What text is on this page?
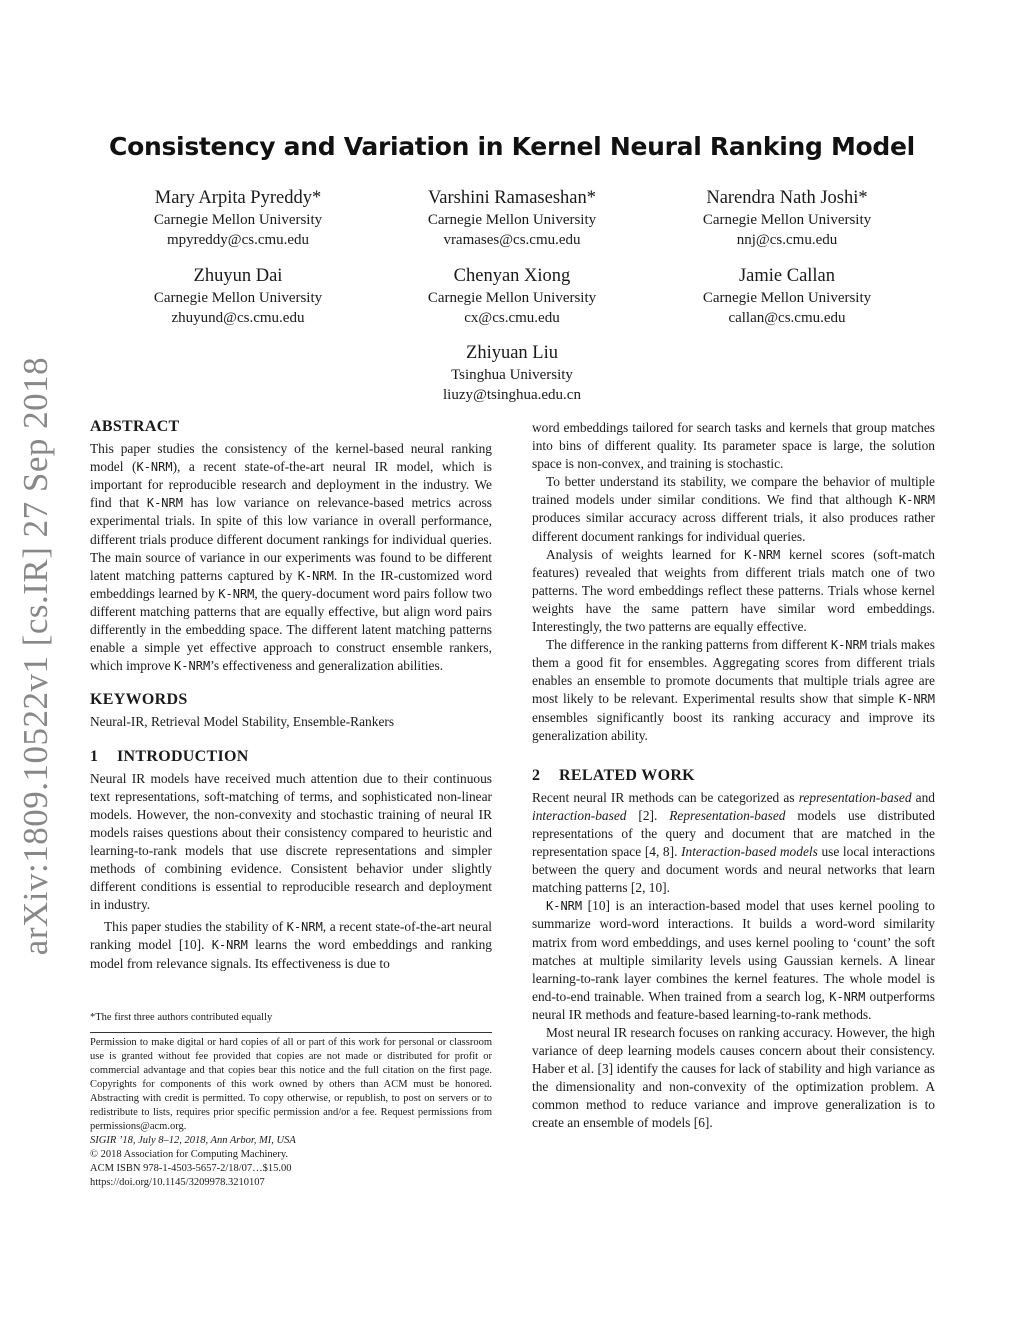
Consistency and Variation in Kernel Neural Ranking Model
Mary Arpita Pyreddy*
Carnegie Mellon University
mpyreddy@cs.cmu.edu
Varshini Ramaseshan*
Carnegie Mellon University
vramases@cs.cmu.edu
Narendra Nath Joshi*
Carnegie Mellon University
nnj@cs.cmu.edu
Zhuyun Dai
Carnegie Mellon University
zhuyund@cs.cmu.edu
Chenyan Xiong
Carnegie Mellon University
cx@cs.cmu.edu
Jamie Callan
Carnegie Mellon University
callan@cs.cmu.edu
Zhiyuan Liu
Tsinghua University
liuzy@tsinghua.edu.cn
arXiv:1809.10522v1 [cs.IR] 27 Sep 2018 ABSTRACT

This paper studies the consistency of the kernel-based neural ranking model (K-NRM), a recent state-of-the-art neural IR model, which is important for reproducible research and deployment in the industry. We find that K-NRM has low variance on relevance-based metrics across experimental trials. In spite of this low variance in overall performance, different trials produce different document rankings for individual queries. The main source of variance in our experiments was found to be different latent matching patterns captured by K-NRM. In the IR-customized word embeddings learned by K-NRM, the query-document word pairs follow two different matching patterns that are equally effective, but align word pairs differently in the embedding space. The different latent matching patterns enable a simple yet effective approach to construct ensemble rankers, which improve K-NRM’s effectiveness and generalization abilities.

KEYWORDS

Neural-IR, Retrieval Model Stability, Ensemble-Rankers

1 INTRODUCTION

Neural IR models have received much attention due to their continuous text representations, soft-matching of terms, and sophisticated non-linear models. However, the non-convexity and stochastic training of neural IR models raises questions about their consistency compared to heuristic and learning-to-rank models that use discrete representations and simpler methods of combining evidence. Consistent behavior under slightly different conditions is essential to reproducible research and deployment in industry.

This paper studies the stability of K-NRM, a recent state-of-the-art neural ranking model [10]. K-NRM learns the word embeddings and ranking model from relevance signals. Its effectiveness is due to

*The first three authors contributed equally
Permission to make digital or hard copies of all or part of this work for personal or classroom use is granted without fee provided that copies are not made or distributed for profit or commercial advantage and that copies bear this notice and the full citation on the first page. Copyrights for components of this work owned by others than ACM must be honored. Abstracting with credit is permitted. To copy otherwise, or republish, to post on servers or to redistribute to lists, requires prior specific permission and/or a fee. Request permissions from permissions@acm.org.
SIGIR ’18, July 8–12, 2018, Ann Arbor, MI, USA
© 2018 Association for Computing Machinery.
ACM ISBN 978-1-4503-5657-2/18/07…$15.00
https://doi.org/10.1145/3209978.3210107

word embeddings tailored for search tasks and kernels that group matches into bins of different quality. Its parameter space is large, the solution space is non-convex, and training is stochastic.

To better understand its stability, we compare the behavior of multiple trained models under similar conditions. We find that although K-NRM produces similar accuracy across different trials, it also produces rather different document rankings for individual queries.

Analysis of weights learned for K-NRM kernel scores (soft-match features) revealed that weights from different trials match one of two patterns. The word embeddings reflect these patterns. Trials whose kernel weights have the same pattern have similar word embeddings. Interestingly, the two patterns are equally effective.

The difference in the ranking patterns from different K-NRM trials makes them a good fit for ensembles. Aggregating scores from different trials enables an ensemble to promote documents that multiple trials agree are most likely to be relevant. Experimental results show that simple K-NRM ensembles significantly boost its ranking accuracy and improve its generalization ability.

2 RELATED WORK

Recent neural IR methods can be categorized as representation-based and interaction-based [2]. Representation-based models use distributed representations of the query and document that are matched in the representation space [4, 8]. Interaction-based models use local interactions between the query and document words and neural networks that learn matching patterns [2, 10].

K-NRM [10] is an interaction-based model that uses kernel pooling to summarize word-word interactions. It builds a word-word similarity matrix from word embeddings, and uses kernel pooling to ‘count’ the soft matches at multiple similarity levels using Gaussian kernels. A linear learning-to-rank layer combines the kernel features. The whole model is end-to-end trainable. When trained from a search log, K-NRM outperforms neural IR methods and feature-based learning-to-rank methods.

Most neural IR research focuses on ranking accuracy. However, the high variance of deep learning models causes concern about their consistency. Haber et al. [3] identify the causes for lack of stability and high variance as the dimensionality and non-convexity of the optimization problem. A common method to reduce variance and improve generalization is to create an ensemble of models [6].
